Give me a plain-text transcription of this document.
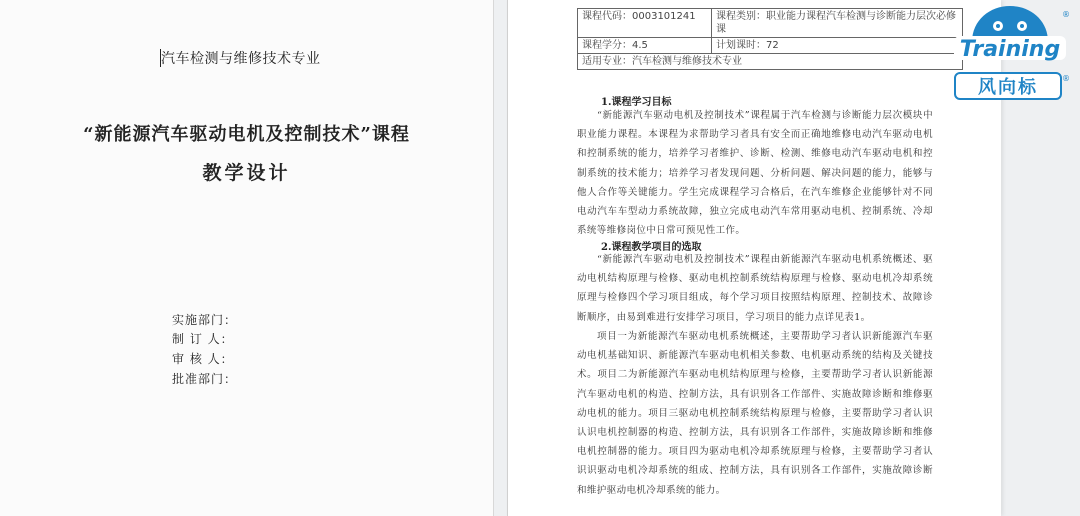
汽车检测与维修技术专业
“新能源汽车驱动电机及控制技术”课程
教学设计
实施部门：
制 订 人：
审 核 人：
批准部门：
课程代码：0003101241	课程类别：职业能力课程汽车检测与诊断能力层次必修课
课程学分：4.5	计划课时：72
适用专业：汽车检测与维修技术专业	
1.课程学习目标
“新能源汽车驱动电机及控制技术”课程属于汽车检测与诊断能力层次模块中职业能力课程。本课程为求帮助学习者具有安全而正确地维修电动汽车驱动电机和控制系统的能力，培养学习者维护、诊断、检测、维修电动汽车驱动电机和控制系统的技术能力；培养学习者发现问题、分析问题、解决问题的能力，能够与他人合作等关键能力。学生完成课程学习合格后，在汽车维修企业能够针对不同电动汽车车型动力系统故障，独立完成电动汽车常用驱动电机、控制系统、冷却系统等维修岗位中日常可预见性工作。
2.课程教学项目的选取
“新能源汽车驱动电机及控制技术”课程由新能源汽车驱动电机系统概述、驱动电机结构原理与检修、驱动电机控制系统结构原理与检修、驱动电机冷却系统原理与检修四个学习项目组成，每个学习项目按照结构原理、控制技术、故障诊断顺序，由易到难进行安排学习项目，学习项目的能力点详见表1。
项目一为新能源汽车驱动电机系统概述，主要帮助学习者认识新能源汽车驱动电机基础知识、新能源汽车驱动电机相关参数、电机驱动系统的结构及关键技术。项目二为新能源汽车驱动电机结构原理与检修，主要帮助学习者认识新能源汽车驱动电机的构造、控制方法，具有识别各工作部件、实施故障诊断和维修驱动电机的能力。项目三驱动电机控制系统结构原理与检修，主要帮助学习者认识认识电机控制器的构造、控制方法，具有识别各工作部件，实施故障诊断和维修电机控制器的能力。项目四为驱动电机冷却系统原理与检修，主要帮助学习者认识识驱动电机冷却系统的组成、控制方法，具有识别各工作部件，实施故障诊断和维护驱动电机冷却系统的能力。
Training
®
风向标	®
